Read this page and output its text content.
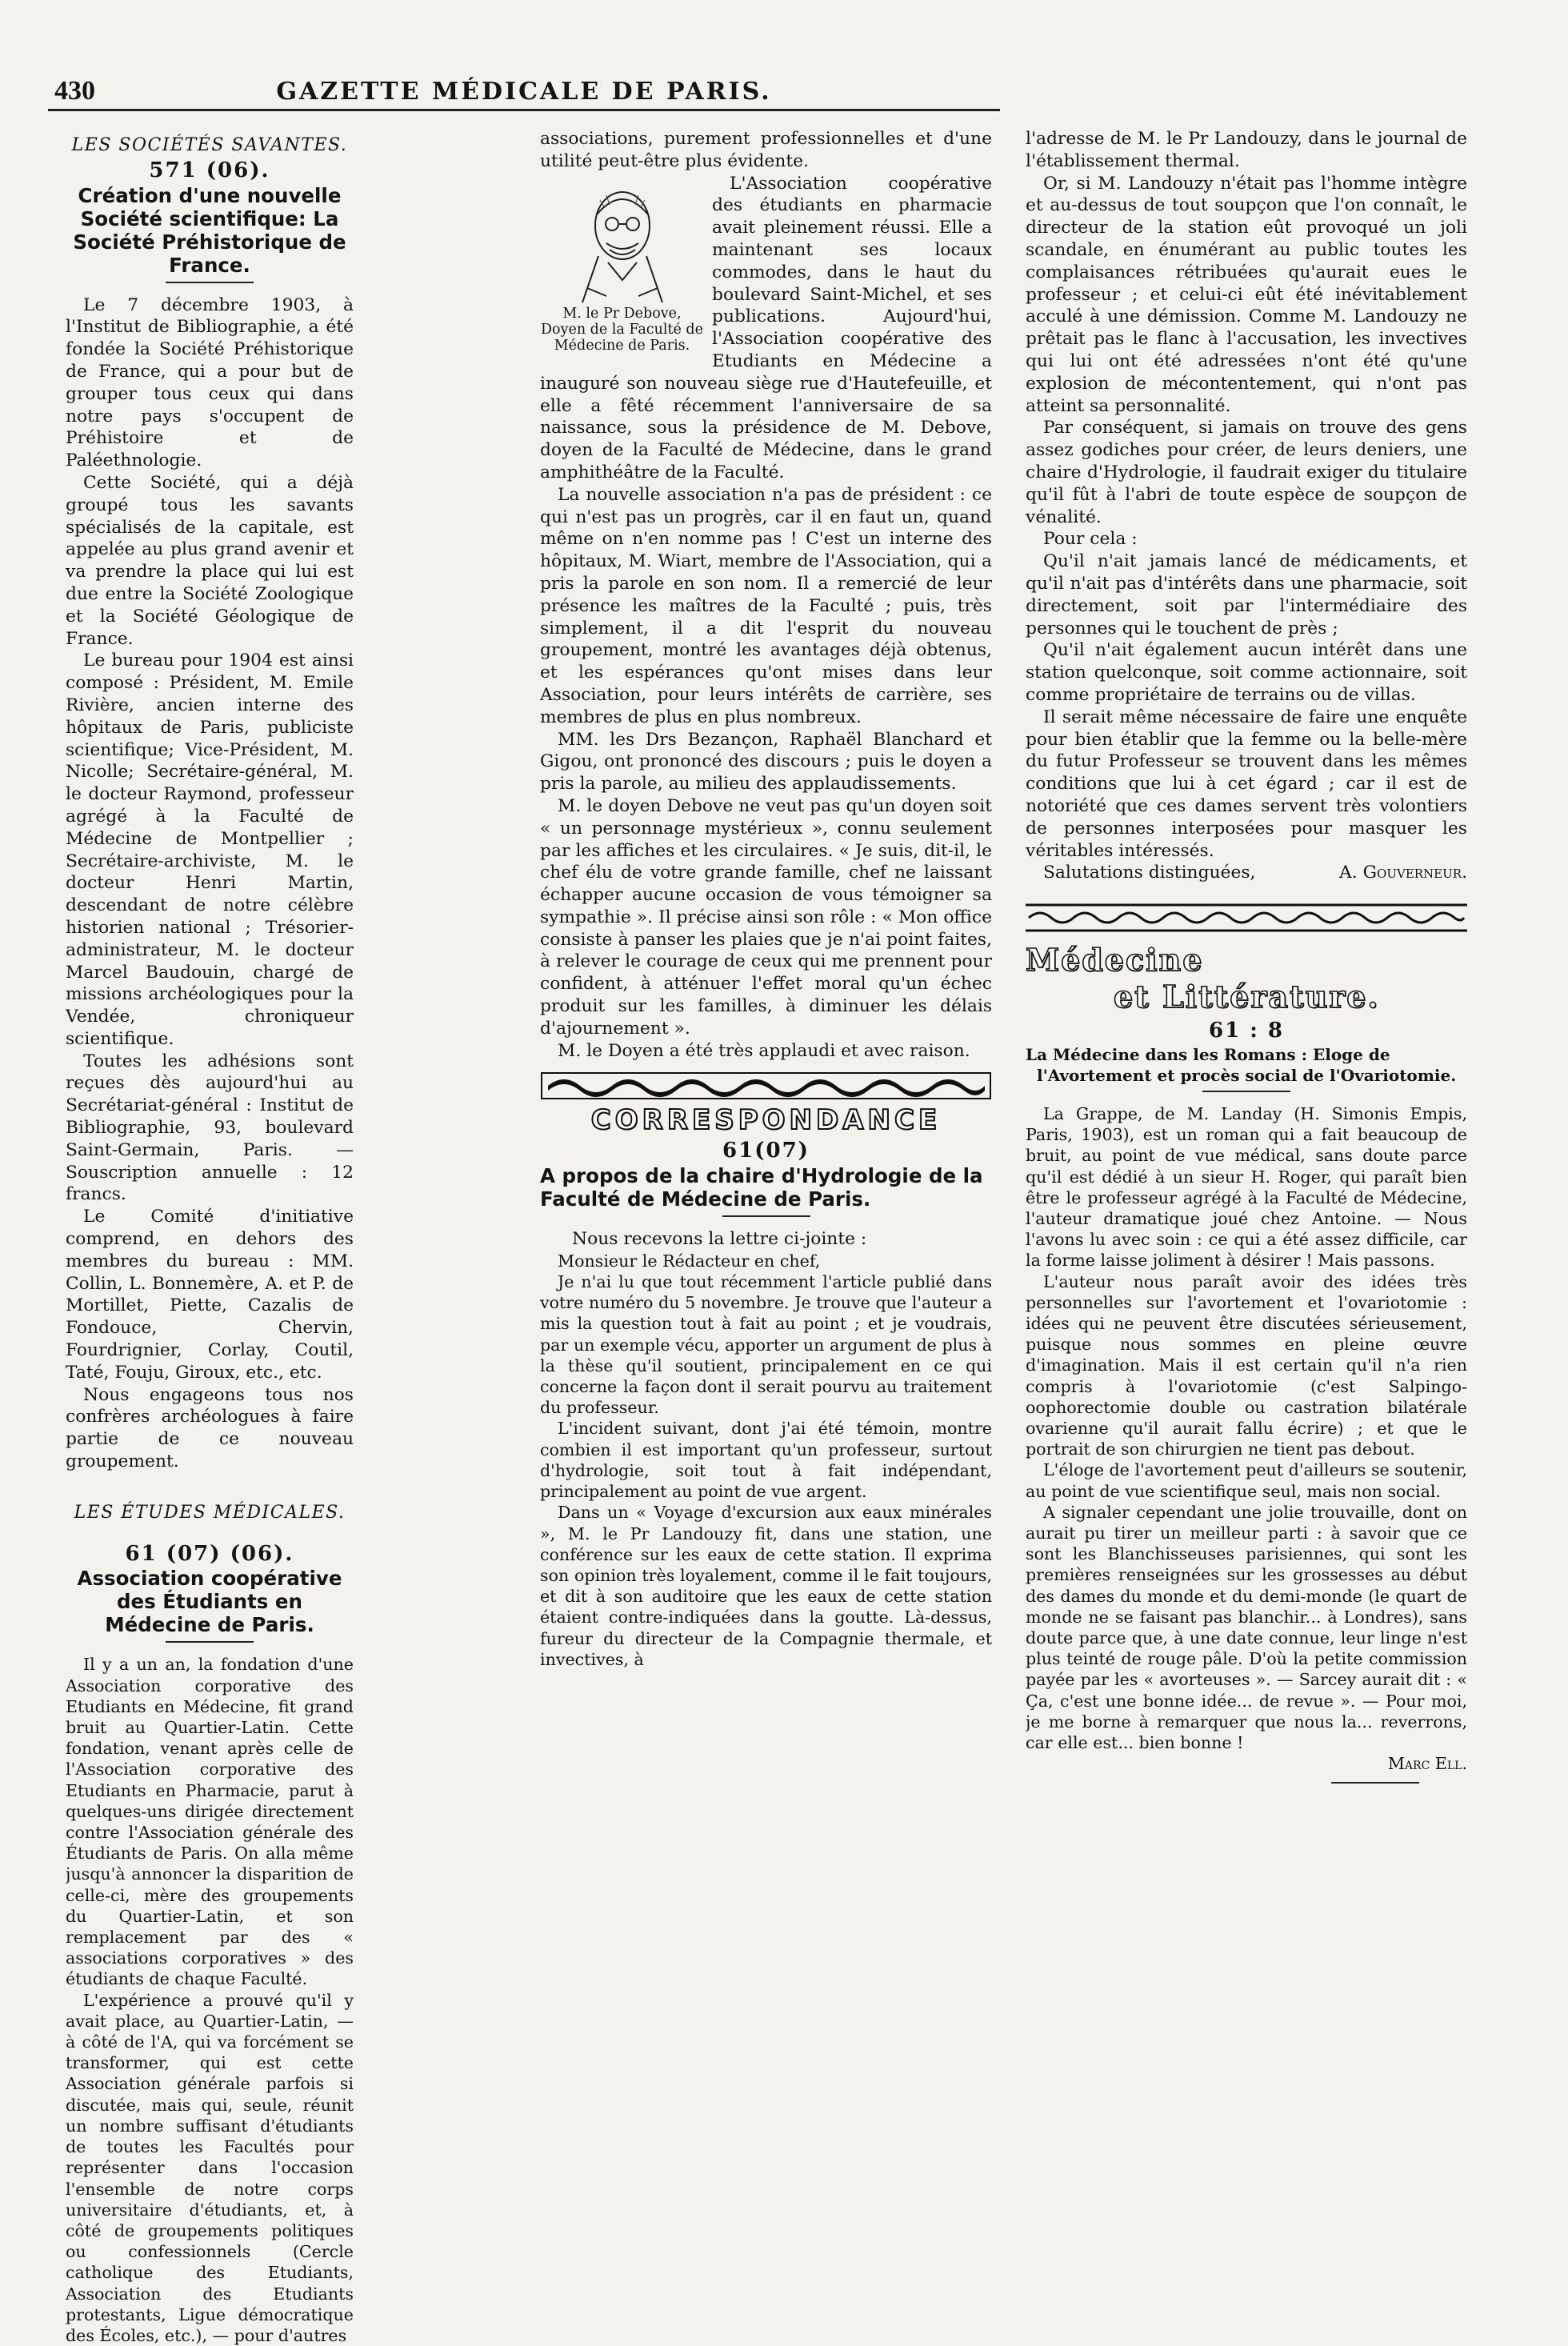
430	GAZETTE MÉDICALE DE PARIS.
LES SOCIÉTÉS SAVANTES.
571 (06).
Création d'une nouvelle Société scientifique: La Société Préhistorique de France.

Le 7 décembre 1903, à l'Institut de Bibliographie, a été fondée la Société Préhistorique de France, qui a pour but de grouper tous ceux qui dans notre pays s'occupent de Préhistoire et de Paléethnologie.

Cette Société, qui a déjà groupé tous les savants spécialisés de la capitale, est appelée au plus grand avenir et va prendre la place qui lui est due entre la Société Zoologique et la Société Géologique de France.

Le bureau pour 1904 est ainsi composé : Président, M. Emile Rivière, ancien interne des hôpitaux de Paris, publiciste scientifique; Vice-Président, M. Nicolle; Secrétaire-général, M. le docteur Raymond, professeur agrégé à la Faculté de Médecine de Montpellier ; Secrétaire-archiviste, M. le docteur Henri Martin, descendant de notre célèbre historien national ; Trésorier-administrateur, M. le docteur Marcel Baudouin, chargé de missions archéologiques pour la Vendée, chroniqueur scientifique.

Toutes les adhésions sont reçues dès aujourd'hui au Secrétariat-général : Institut de Bibliographie, 93, boulevard Saint-Germain, Paris. — Souscription annuelle : 12 francs.

Le Comité d'initiative comprend, en dehors des membres du bureau : MM. Collin, L. Bonnemère, A. et P. de Mortillet, Piette, Cazalis de Fondouce, Chervin, Fourdrignier, Corlay, Coutil, Taté, Fouju, Giroux, etc., etc.

Nous engageons tous nos confrères archéologues à faire partie de ce nouveau groupement.

LES ÉTUDES MÉDICALES.
61 (07) (06).
Association coopérative des Étudiants en Médecine de Paris.

Il y a un an, la fondation d'une Association corporative des Etudiants en Médecine, fit grand bruit au Quartier-Latin. Cette fondation, venant après celle de l'Association corporative des Etudiants en Pharmacie, parut à quelques-uns dirigée directement contre l'Association générale des Étudiants de Paris. On alla même jusqu'à annoncer la disparition de celle-ci, mère des groupements du Quartier-Latin, et son remplacement par des « associations corporatives » des étudiants de chaque Faculté.

L'expérience a prouvé qu'il y avait place, au Quartier-Latin, — à côté de l'A, qui va forcément se transformer, qui est cette Association générale parfois si discutée, mais qui, seule, réunit un nombre suffisant d'étudiants de toutes les Facultés pour représenter dans l'occasion l'ensemble de notre corps universitaire d'étudiants, et, à côté de groupements politiques ou confessionnels (Cercle catholique des Etudiants, Association des Etudiants protestants, Ligue démocratique des Écoles, etc.), — pour d'autres

associations, purement professionnelles et d'une utilité peut-être plus évidente.

M. le Pr Debove, Doyen de la Faculté de Médecine de Paris.

L'Association coopérative des étudiants en pharmacie avait pleinement réussi. Elle a maintenant ses locaux commodes, dans le haut du boulevard Saint-Michel, et ses publications. Aujourd'hui, l'Association coopérative des Etudiants en Médecine a inauguré son nouveau siège rue d'Hautefeuille, et elle a fêté récemment l'anniversaire de sa naissance, sous la présidence de M. Debove, doyen de la Faculté de Médecine, dans le grand amphithéâtre de la Faculté.

La nouvelle association n'a pas de président : ce qui n'est pas un progrès, car il en faut un, quand même on n'en nomme pas ! C'est un interne des hôpitaux, M. Wiart, membre de l'Association, qui a pris la parole en son nom. Il a remercié de leur présence les maîtres de la Faculté ; puis, très simplement, il a dit l'esprit du nouveau groupement, montré les avantages déjà obtenus, et les espérances qu'ont mises dans leur Association, pour leurs intérêts de carrière, ses membres de plus en plus nombreux.

MM. les Drs Bezançon, Raphaël Blanchard et Gigou, ont prononcé des discours ; puis le doyen a pris la parole, au milieu des applaudissements.

M. le doyen Debove ne veut pas qu'un doyen soit « un personnage mystérieux », connu seulement par les affiches et les circulaires. « Je suis, dit-il, le chef élu de votre grande famille, chef ne laissant échapper aucune occasion de vous témoigner sa sympathie ». Il précise ainsi son rôle : « Mon office consiste à panser les plaies que je n'ai point faites, à relever le courage de ceux qui me prennent pour confident, à atténuer l'effet moral qu'un échec produit sur les familles, à diminuer les délais d'ajournement ».

M. le Doyen a été très applaudi et avec raison.

CORRESPONDANCE
61(07)
A propos de la chaire d'Hydrologie de la Faculté de Médecine de Paris.

Nous recevons la lettre ci-jointe :

Monsieur le Rédacteur en chef,

Je n'ai lu que tout récemment l'article publié dans votre numéro du 5 novembre. Je trouve que l'auteur a mis la question tout à fait au point ; et je voudrais, par un exemple vécu, apporter un argument de plus à la thèse qu'il soutient, principalement en ce qui concerne la façon dont il serait pourvu au traitement du professeur.

L'incident suivant, dont j'ai été témoin, montre combien il est important qu'un professeur, surtout d'hydrologie, soit tout à fait indépendant, principalement au point de vue argent.

Dans un « Voyage d'excursion aux eaux minérales », M. le Pr Landouzy fit, dans une station, une conférence sur les eaux de cette station. Il exprima son opinion très loyalement, comme il le fait toujours, et dit à son auditoire que les eaux de cette station étaient contre-indiquées dans la goutte. Là-dessus, fureur du directeur de la Compagnie thermale, et invectives, à

l'adresse de M. le Pr Landouzy, dans le journal de l'établissement thermal.

Or, si M. Landouzy n'était pas l'homme intègre et au-dessus de tout soupçon que l'on connaît, le directeur de la station eût provoqué un joli scandale, en énumérant au public toutes les complaisances rétribuées qu'aurait eues le professeur ; et celui-ci eût été inévitablement acculé à une démission. Comme M. Landouzy ne prêtait pas le flanc à l'accusation, les invectives qui lui ont été adressées n'ont été qu'une explosion de mécontentement, qui n'ont pas atteint sa personnalité.

Par conséquent, si jamais on trouve des gens assez godiches pour créer, de leurs deniers, une chaire d'Hydrologie, il faudrait exiger du titulaire qu'il fût à l'abri de toute espèce de soupçon de vénalité.

Pour cela :

Qu'il n'ait jamais lancé de médicaments, et qu'il n'ait pas d'intérêts dans une pharmacie, soit directement, soit par l'intermédiaire des personnes qui le touchent de près ;

Qu'il n'ait également aucun intérêt dans une station quelconque, soit comme actionnaire, soit comme propriétaire de terrains ou de villas.

Il serait même nécessaire de faire une enquête pour bien établir que la femme ou la belle-mère du futur Professeur se trouvent dans les mêmes conditions que lui à cet égard ; car il est de notoriété que ces dames servent très volontiers de personnes interposées pour masquer les véritables intéressés.

Salutations distinguées,	A. Gouverneur.
Médecine
et Littérature.
61 : 8
La Médecine dans les Romans : Eloge de l'Avortement et procès social de l'Ovariotomie.

La Grappe, de M. Landay (H. Simonis Empis, Paris, 1903), est un roman qui a fait beaucoup de bruit, au point de vue médical, sans doute parce qu'il est dédié à un sieur H. Roger, qui paraît bien être le professeur agrégé à la Faculté de Médecine, l'auteur dramatique joué chez Antoine. — Nous l'avons lu avec soin : ce qui a été assez difficile, car la forme laisse joliment à désirer ! Mais passons.

L'auteur nous paraît avoir des idées très personnelles sur l'avortement et l'ovariotomie : idées qui ne peuvent être discutées sérieusement, puisque nous sommes en pleine œuvre d'imagination. Mais il est certain qu'il n'a rien compris à l'ovariotomie (c'est Salpingo-oophorectomie double ou castration bilatérale ovarienne qu'il aurait fallu écrire) ; et que le portrait de son chirurgien ne tient pas debout.

L'éloge de l'avortement peut d'ailleurs se soutenir, au point de vue scientifique seul, mais non social.

A signaler cependant une jolie trouvaille, dont on aurait pu tirer un meilleur parti : à savoir que ce sont les Blanchisseuses parisiennes, qui sont les premières renseignées sur les grossesses au début des dames du monde et du demi-monde (le quart de monde ne se faisant pas blanchir... à Londres), sans doute parce que, à une date connue, leur linge n'est plus teinté de rouge pâle. D'où la petite commission payée par les « avorteuses ». — Sarcey aurait dit : « Ça, c'est une bonne idée... de revue ». — Pour moi, je me borne à remarquer que nous la... reverrons, car elle est... bien bonne !

Marc Ell.
